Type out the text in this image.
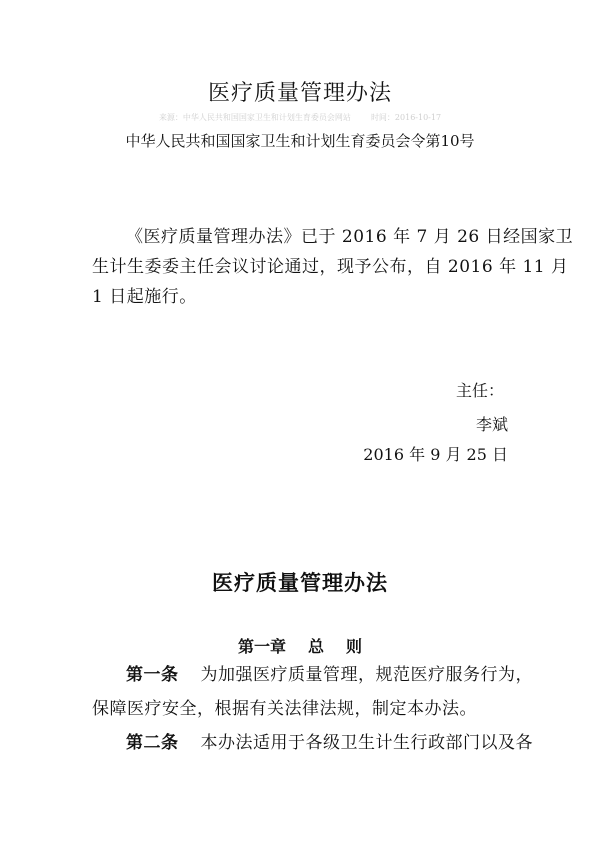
医疗质量管理办法
来源：中华人民共和国国家卫生和计划生育委员会网站	时间：2016-10-17
中华人民共和国国家卫生和计划生育委员会令第10号
《医疗质量管理办法》已于 2016 年 7 月 26 日经国家卫
生计生委委主任会议讨论通过，现予公布，自 2016 年 11 月
1 日起施行。
主任：
李斌
2016 年 9 月 25 日
医疗质量管理办法
第一章 总 则
第一条 为加强医疗质量管理，规范医疗服务行为，
保障医疗安全，根据有关法律法规，制定本办法。
第二条 本办法适用于各级卫生计生行政部门以及各
